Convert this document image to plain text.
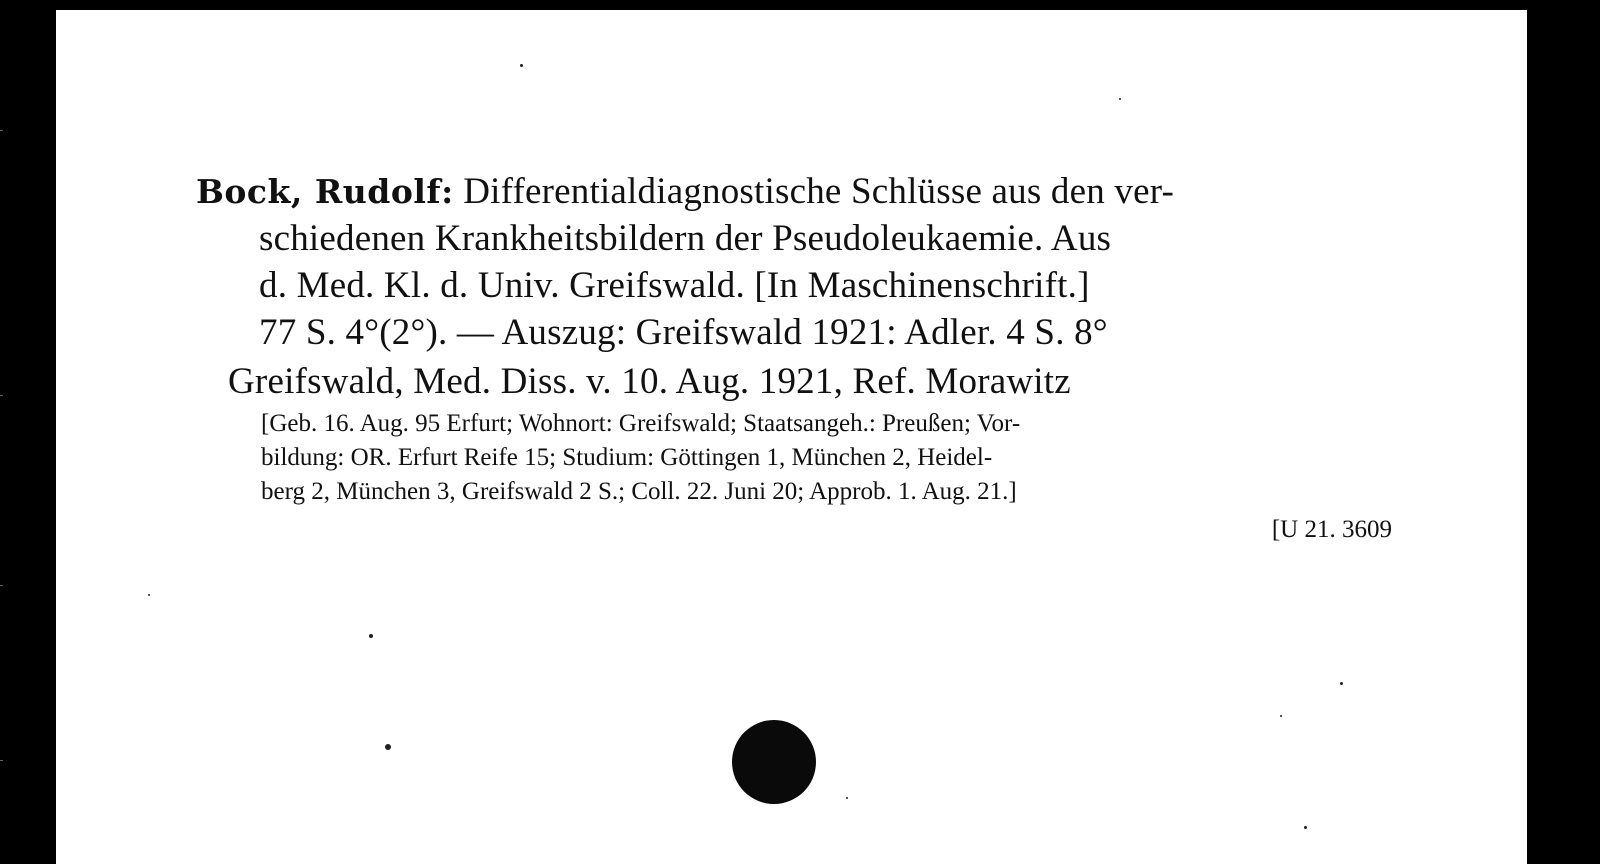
Bock, Rudolf: Differentialdiagnostische Schlüsse aus den ver-
schiedenen Krankheitsbildern der Pseudoleukaemie. Aus
d. Med. Kl. d. Univ. Greifswald. [In Maschinenschrift.]
77 S. 4°(2°). — Auszug: Greifswald 1921: Adler. 4 S. 8°
Greifswald, Med. Diss. v. 10. Aug. 1921, Ref. Morawitz
[Geb. 16. Aug. 95 Erfurt; Wohnort: Greifswald; Staatsangeh.: Preußen; Vor-
bildung: OR. Erfurt Reife 15; Studium: Göttingen 1, München 2, Heidel-
berg 2, München 3, Greifswald 2 S.; Coll. 22. Juni 20; Approb. 1. Aug. 21.]
[U 21. 3609
